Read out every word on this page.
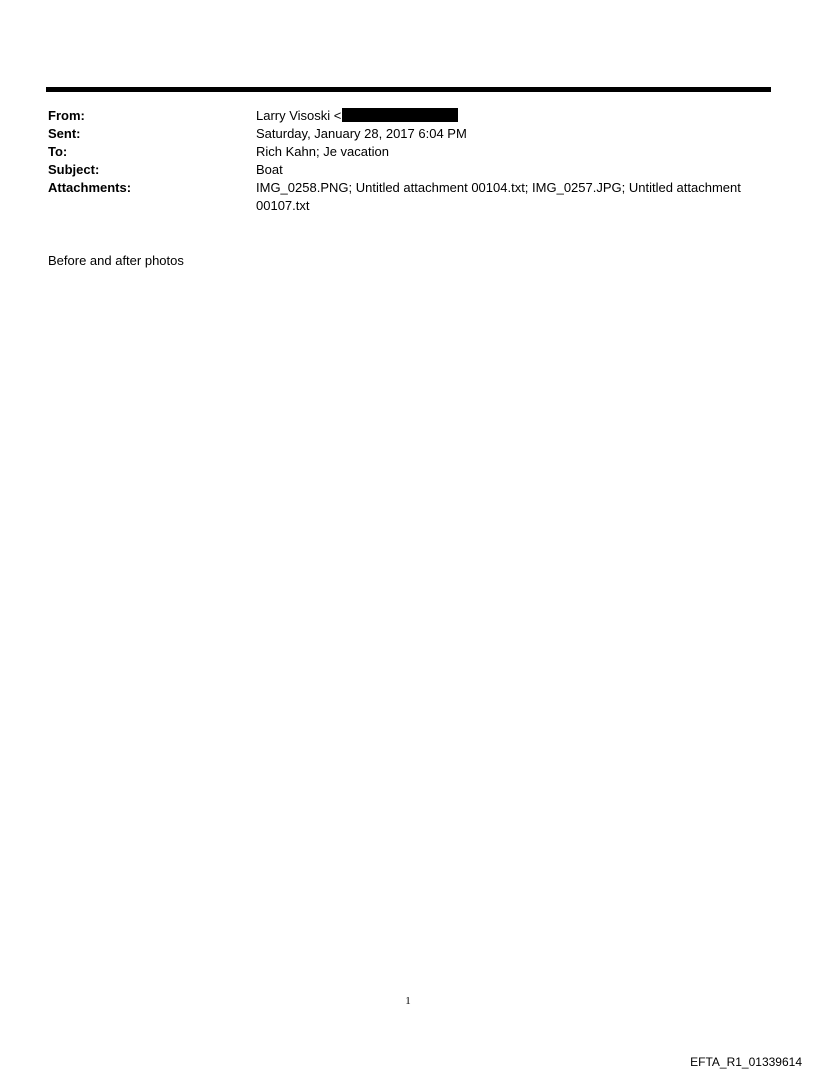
From:	Larry Visoski <
Sent:	Saturday, January 28, 2017 6:04 PM
To:	Rich Kahn; Je vacation
Subject:	Boat
Attachments:	IMG_0258.PNG; Untitled attachment 00104.txt; IMG_0257.JPG; Untitled attachment 00107.txt
Before and after photos
1
EFTA_R1_01339614
